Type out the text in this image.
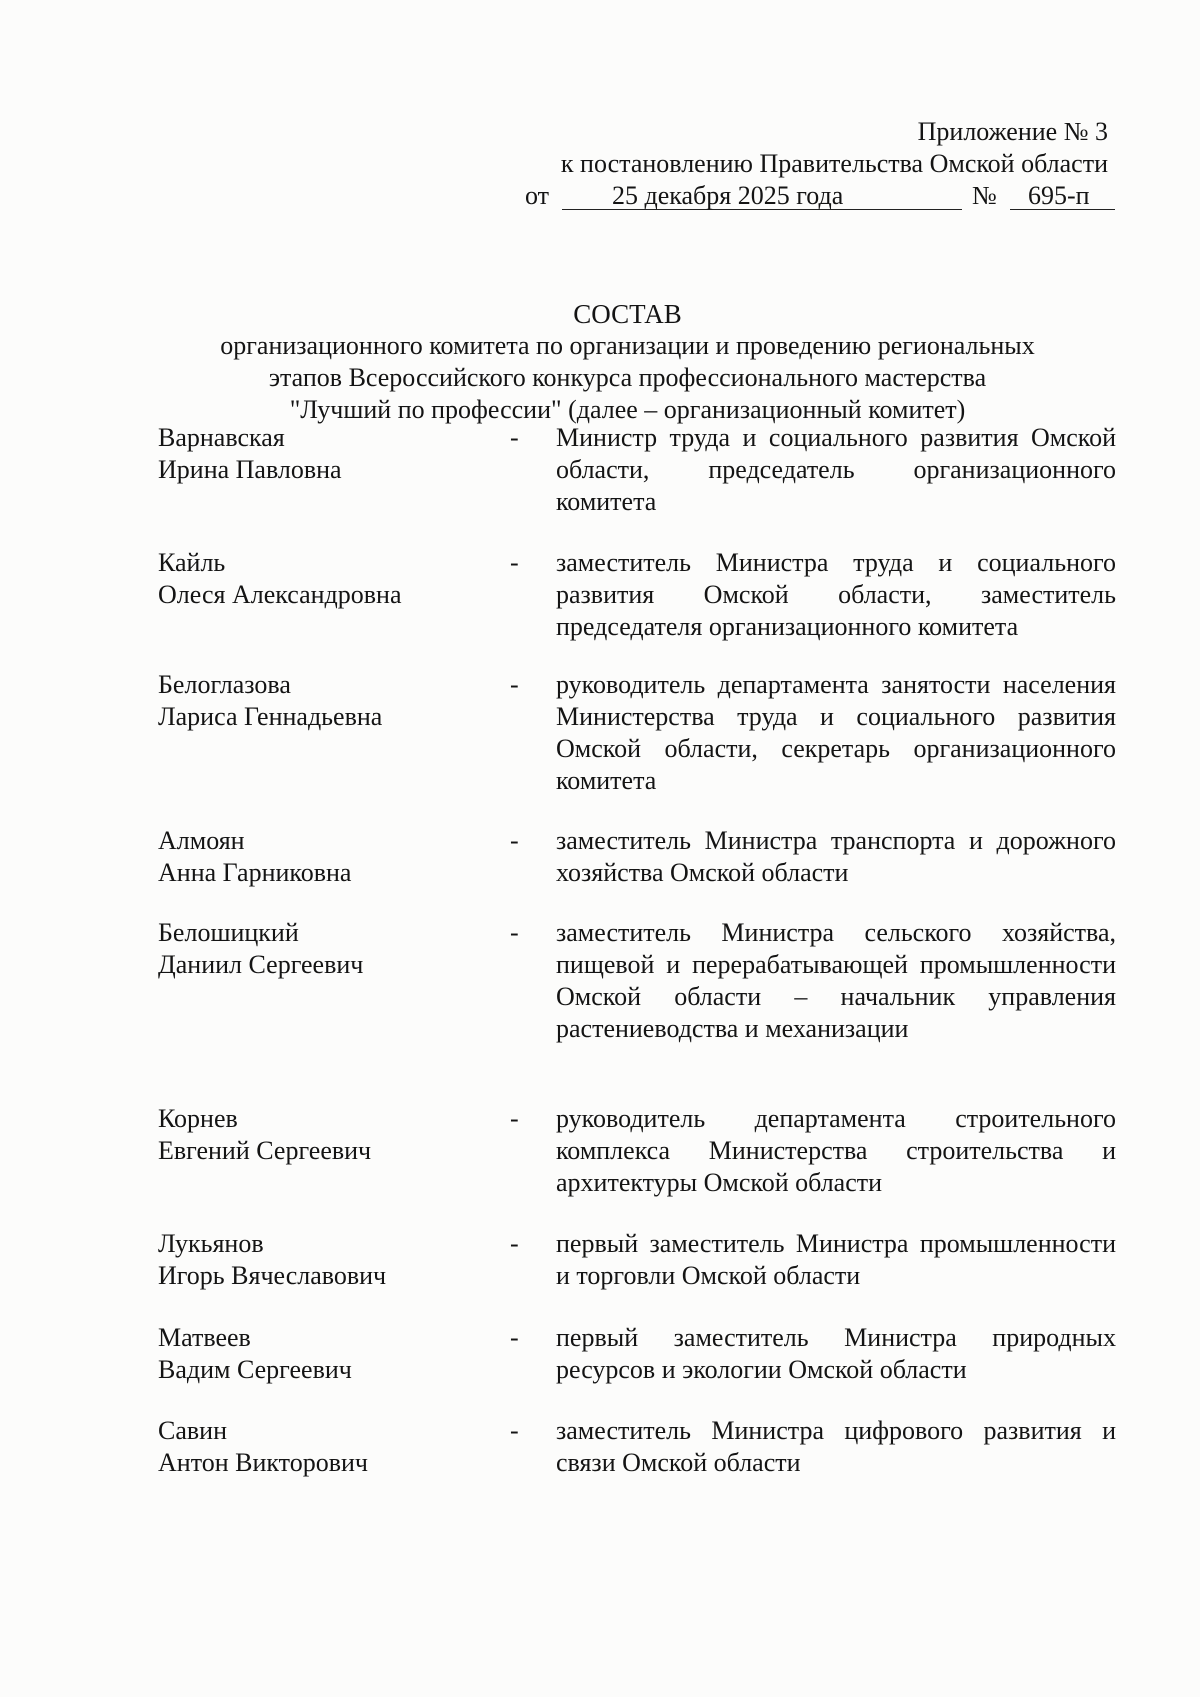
Приложение № 3
к постановлению Правительства Омской области
от	25 декабря 2025 года	№	695-п
СОСТАВ
организационного комитета по организации и проведению региональных
этапов Всероссийского конкурса профессионального мастерства
"Лучший по профессии" (далее – организационный комитет)
Варнавская
Ирина Павловна
- Министр труда и социального развития Омской области, председатель организационного комитета
Кайль
Олеся Александровна
- заместитель Министра труда и социального развития Омской области, заместитель председателя организационного комитета
Белоглазова
Лариса Геннадьевна
- руководитель департамента занятости населения Министерства труда и социального развития Омской области, секретарь организационного комитета
Алмоян
Анна Гарниковна
- заместитель Министра транспорта и дорожного хозяйства Омской области
Белошицкий
Даниил Сергеевич
- заместитель Министра сельского хозяйства, пищевой и перерабатывающей промышленности Омской области – начальник управления растениеводства и механизации
Корнев
Евгений Сергеевич
- руководитель департамента строительного комплекса Министерства строительства и архитектуры Омской области
Лукьянов
Игорь Вячеславович
- первый заместитель Министра промышленности и торговли Омской области
Матвеев
Вадим Сергеевич
- первый заместитель Министра природных ресурсов и экологии Омской области
Савин
Антон Викторович
- заместитель Министра цифрового развития и связи Омской области
